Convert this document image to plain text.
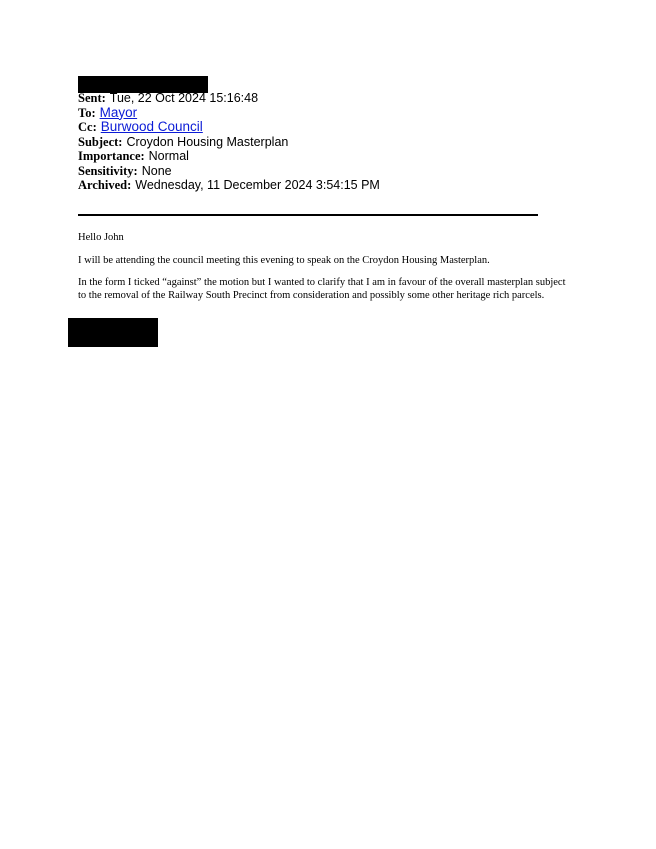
Sent: Tue, 22 Oct 2024 15:16:48
To: Mayor
Cc: Burwood Council
Subject: Croydon Housing Masterplan
Importance: Normal
Sensitivity: None
Archived: Wednesday, 11 December 2024 3:54:15 PM

Hello John

I will be attending the council meeting this evening to speak on the Croydon Housing Masterplan.

In the form I ticked “against” the motion but I wanted to clarify that I am in favour of the overall masterplan subject
to the removal of the Railway South Precinct from consideration and possibly some other heritage rich parcels.
